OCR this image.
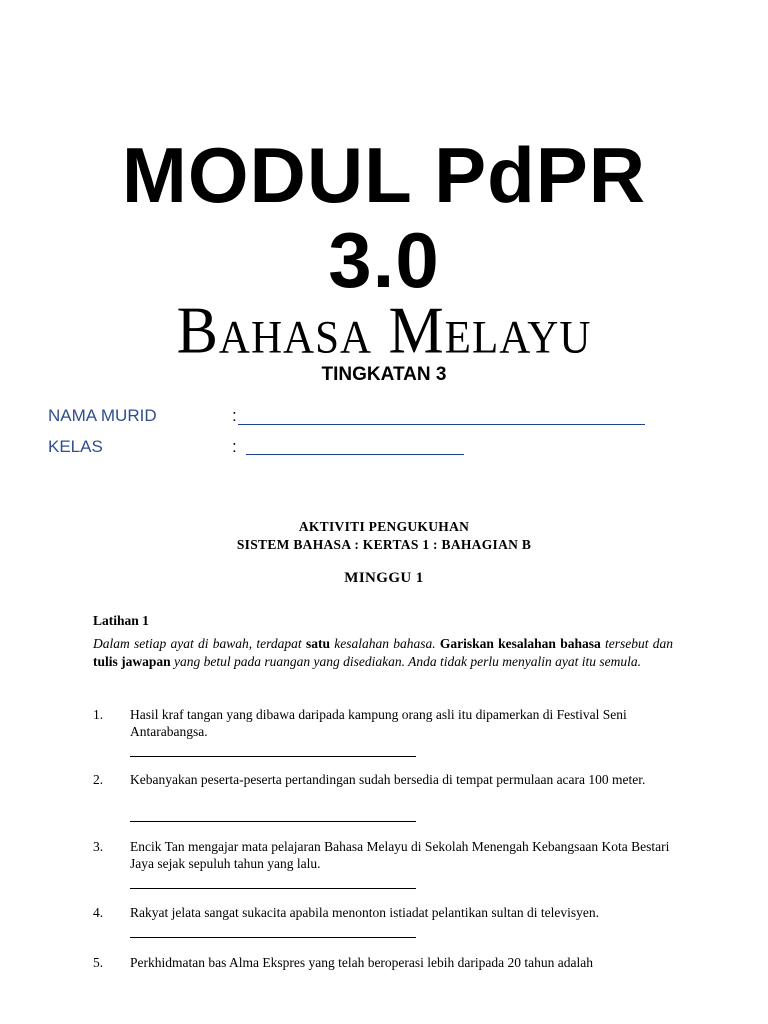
MODUL PdPR
3.0
Bahasa Melayu
TINGKATAN 3
NAMA MURID	:
KELAS	:
AKTIVITI PENGUKUHAN
SISTEM BAHASA : KERTAS 1 : BAHAGIAN B
MINGGU 1
Latihan 1
Dalam setiap ayat di bawah, terdapat satu kesalahan bahasa. Gariskan kesalahan bahasa tersebut dan tulis jawapan yang betul pada ruangan yang disediakan. Anda tidak perlu menyalin ayat itu semula.
1.	Hasil kraf tangan yang dibawa daripada kampung orang asli itu dipamerkan di Festival Seni Antarabangsa.
2.	Kebanyakan peserta-peserta pertandingan sudah bersedia di tempat permulaan acara 100 meter.
3.	Encik Tan mengajar mata pelajaran Bahasa Melayu di Sekolah Menengah Kebangsaan Kota Bestari Jaya sejak sepuluh tahun yang lalu.
4.	Rakyat jelata sangat sukacita apabila menonton istiadat pelantikan sultan di televisyen.
5.	Perkhidmatan bas Alma Ekspres yang telah beroperasi lebih daripada 20 tahun adalah
